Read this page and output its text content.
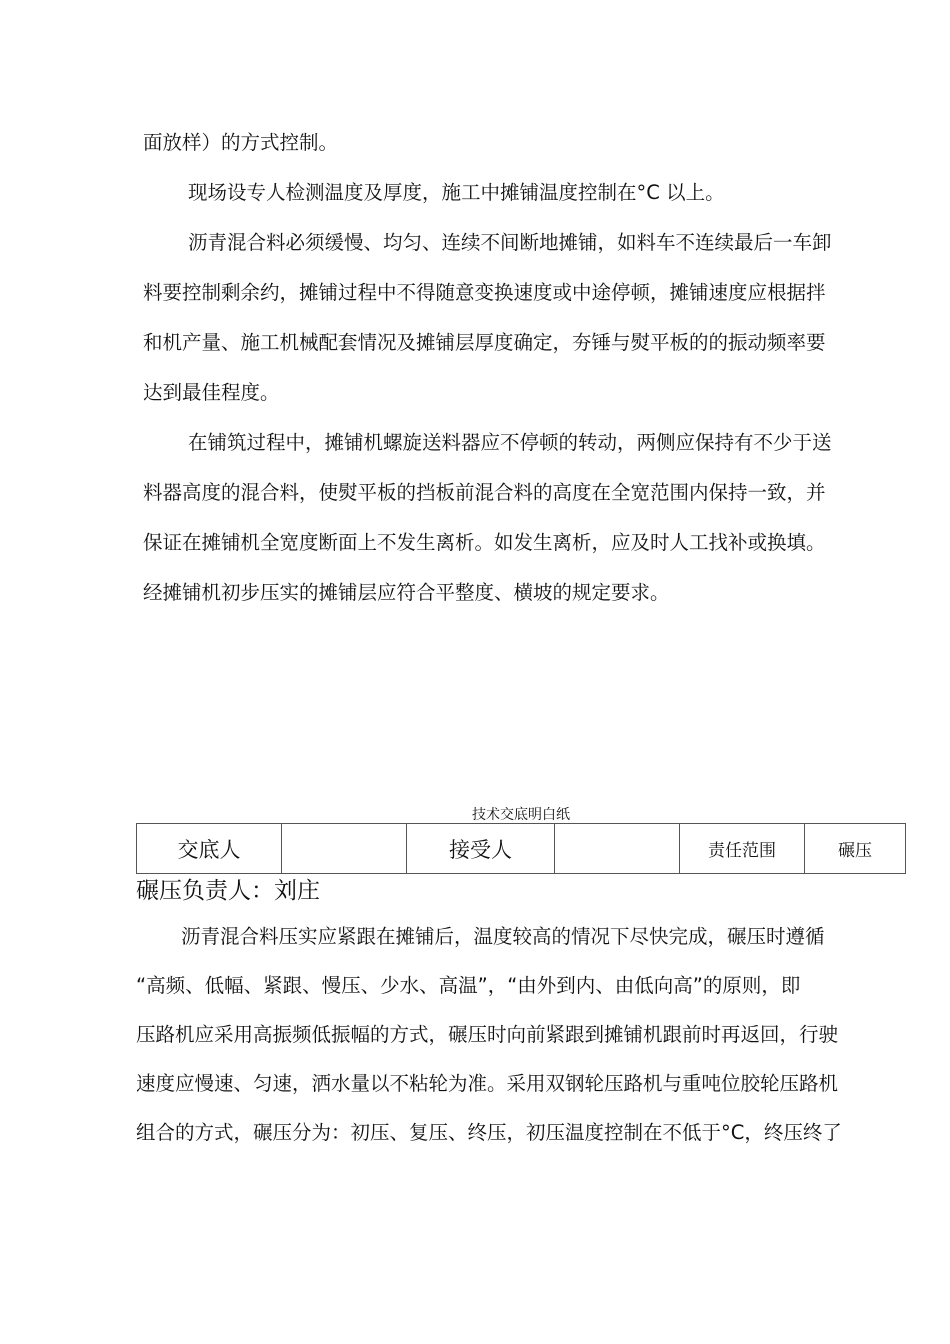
面放样）的方式控制。

现场设专人检测温度及厚度，施工中摊铺温度控制在°C 以上。

沥青混合料必须缓慢、均匀、连续不间断地摊铺，如料车不连续最后一车卸

料要控制剩余约，摊铺过程中不得随意变换速度或中途停顿，摊铺速度应根据拌

和机产量、施工机械配套情况及摊铺层厚度确定，夯锤与熨平板的的振动频率要

达到最佳程度。

在铺筑过程中，摊铺机螺旋送料器应不停顿的转动，两侧应保持有不少于送

料器高度的混合料，使熨平板的挡板前混合料的高度在全宽范围内保持一致，并

保证在摊铺机全宽度断面上不发生离析。如发生离析，应及时人工找补或换填。

经摊铺机初步压实的摊铺层应符合平整度、横坡的规定要求。

技术交底明白纸
交底人		接受人		责任范围	碾压
碾压负责人：刘庄

沥青混合料压实应紧跟在摊铺后，温度较高的情况下尽快完成，碾压时遵循

“高频、低幅、紧跟、慢压、少水、高温”，“由外到内、由低向高”的原则，即

压路机应采用高振频低振幅的方式，碾压时向前紧跟到摊铺机跟前时再返回，行驶

速度应慢速、匀速，洒水量以不粘轮为准。采用双钢轮压路机与重吨位胶轮压路机

组合的方式，碾压分为：初压、复压、终压，初压温度控制在不低于°C，终压终了
